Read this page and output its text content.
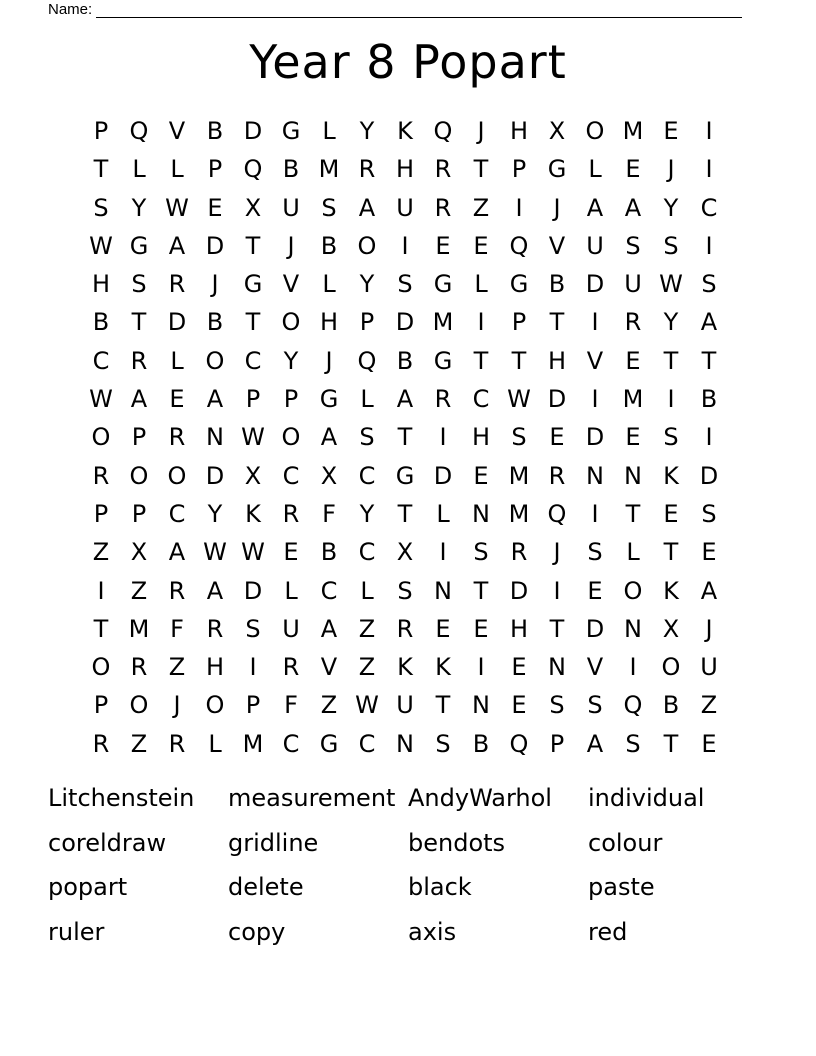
Name:
Year 8 Popart
P Q V B D G L Y K Q	J	H X O M E	I
T L	L	P Q B M R H R T P G L E	J	I
S Y W E X U S A U R Z	I	J	A A Y C
W G A D T	J	B O	I	E E Q V U S S	I
H S R	J	G V L Y S G L G B D U W S
B T D B T O H P D M	I	P T	I	R Y A
C R L O C Y	J	Q B G T T H V E T T
W A E A P P G L A R C W D	I	M	I	B
O P R N W O A S T	I	H S E D E S	I
R O O D X C X C G D E M R N N K D
P P C Y K R F Y T L N M Q	I	T E S
Z X A W W E B C X	I	S R	J	S L T E
I	Z R A D L C L S N T D	I	E O K A
T M F R S U A Z R E E H T D N X	J
O R Z H	I	R V Z K K	I	E N V	I	O U
P O	J	O P F Z W U T N E S S Q B Z
R Z R L M C G C N S B Q P A S T E
Litchenstein	measurement AndyWarhol	individual
coreldraw	gridline	bendots	colour
popart	delete	black	paste
ruler	copy	axis	red
